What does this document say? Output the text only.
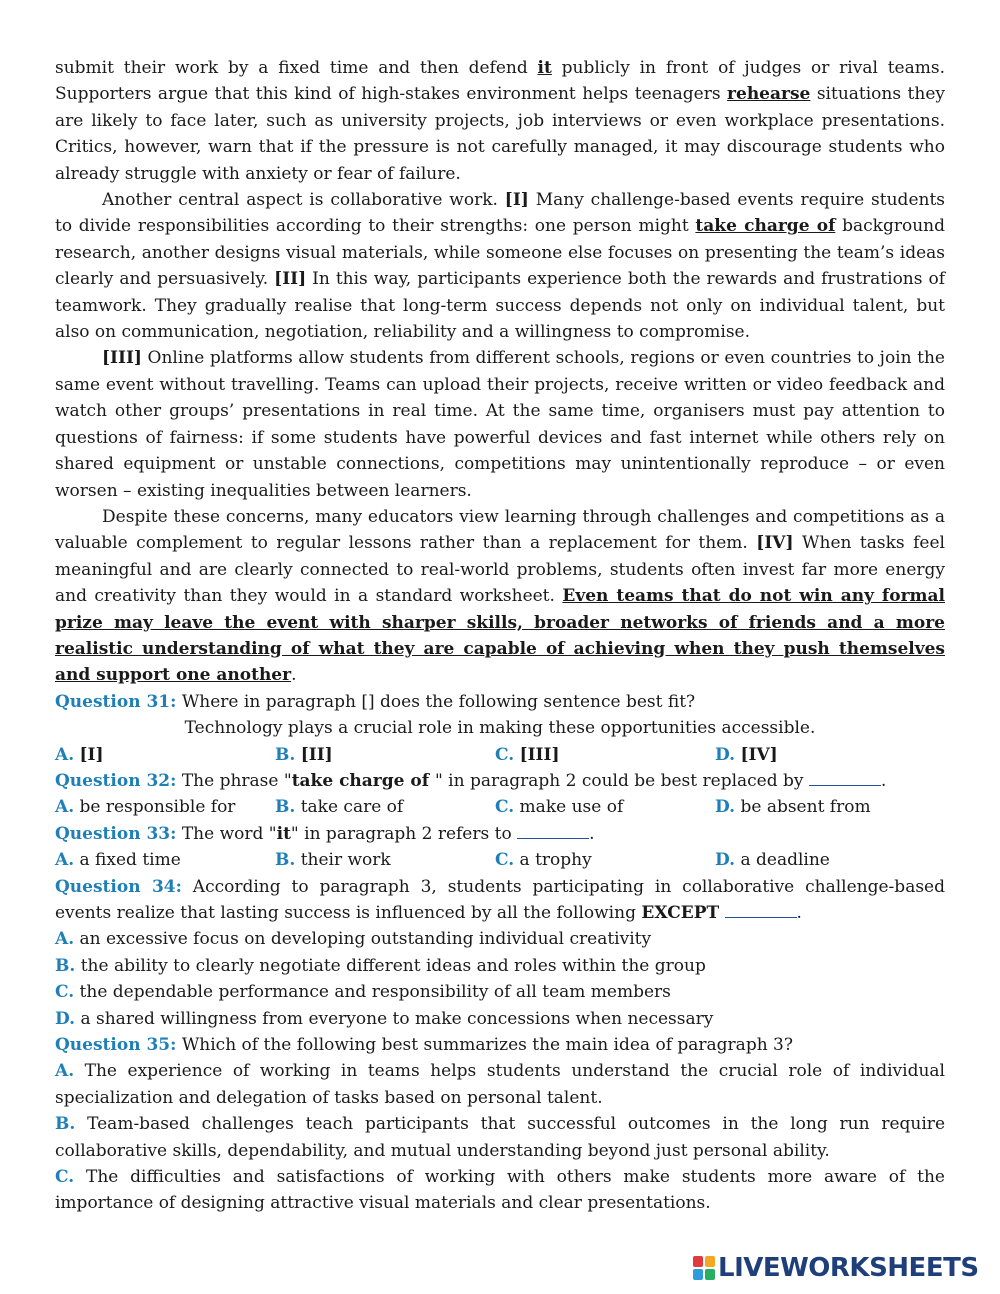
submit their work by a fixed time and then defend it publicly in front of judges or rival teams. Supporters argue that this kind of high-stakes environment helps teenagers rehearse situations they are likely to face later, such as university projects, job interviews or even workplace presentations. Critics, however, warn that if the pressure is not carefully managed, it may discourage students who already struggle with anxiety or fear of failure.

Another central aspect is collaborative work. [I] Many challenge-based events require students to divide responsibilities according to their strengths: one person might take charge of background research, another designs visual materials, while someone else focuses on presenting the team’s ideas clearly and persuasively. [II] In this way, participants experience both the rewards and frustrations of teamwork. They gradually realise that long-term success depends not only on individual talent, but also on communication, negotiation, reliability and a willingness to compromise.

[III] Online platforms allow students from different schools, regions or even countries to join the same event without travelling. Teams can upload their projects, receive written or video feedback and watch other groups’ presentations in real time. At the same time, organisers must pay attention to questions of fairness: if some students have powerful devices and fast internet while others rely on shared equipment or unstable connections, competitions may unintentionally reproduce – or even worsen – existing inequalities between learners.

Despite these concerns, many educators view learning through challenges and competitions as a valuable complement to regular lessons rather than a replacement for them. [IV] When tasks feel meaningful and are clearly connected to real-world problems, students often invest far more energy and creativity than they would in a standard worksheet. Even teams that do not win any formal prize may leave the event with sharper skills, broader networks of friends and a more realistic understanding of what they are capable of achieving when they push themselves and support one another.

Question 31: Where in paragraph [] does the following sentence best fit?

Technology plays a crucial role in making these opportunities accessible.

A. [I]	B. [II]	C. [III]	D. [IV]

Question 32: The phrase "take charge of " in paragraph 2 could be best replaced by	.

A. be responsible for	B. take care of	C. make use of	D. be absent from

Question 33: The word "it" in paragraph 2 refers to	.

A. a fixed time	B. their work	C. a trophy	D. a deadline

Question 34: According to paragraph 3, students participating in collaborative challenge-based events realize that lasting success is influenced by all the following EXCEPT	.

A. an excessive focus on developing outstanding individual creativity

B. the ability to clearly negotiate different ideas and roles within the group

C. the dependable performance and responsibility of all team members

D. a shared willingness from everyone to make concessions when necessary

Question 35: Which of the following best summarizes the main idea of paragraph 3?

A. The experience of working in teams helps students understand the crucial role of individual specialization and delegation of tasks based on personal talent.

B. Team-based challenges teach participants that successful outcomes in the long run require collaborative skills, dependability, and mutual understanding beyond just personal ability.

C. The difficulties and satisfactions of working with others make students more aware of the importance of designing attractive visual materials and clear presentations.

LIVEWORKSHEETS
